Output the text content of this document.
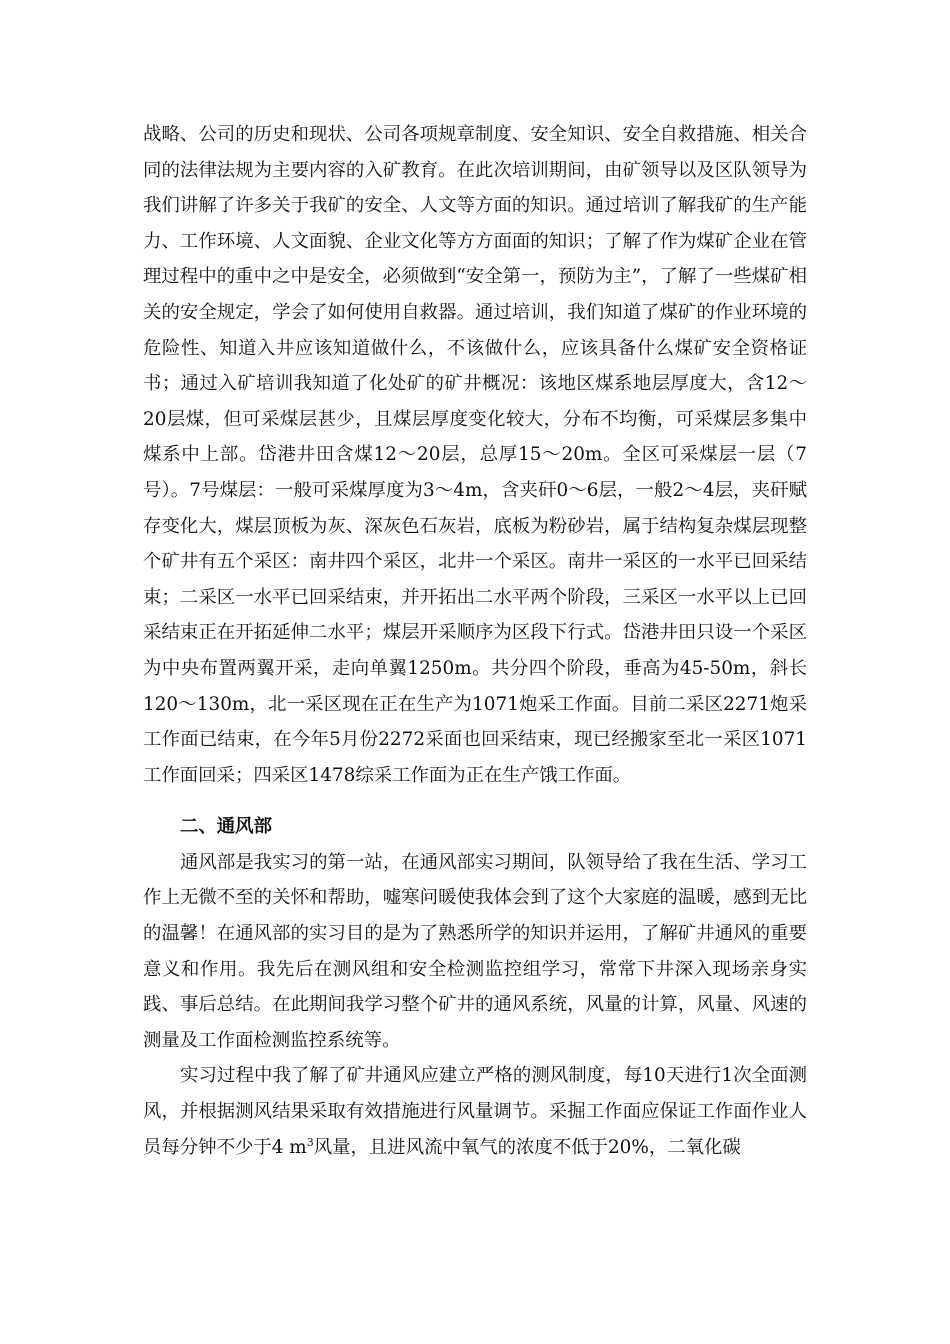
战略、公司的历史和现状、公司各项规章制度、安全知识、安全自救措施、相关合同的法律法规为主要内容的入矿教育。在此次培训期间，由矿领导以及区队领导为我们讲解了许多关于我矿的安全、人文等方面的知识。通过培训了解我矿的生产能力、工作环境、人文面貌、企业文化等方方面面的知识；了解了作为煤矿企业在管理过程中的重中之中是安全，必须做到“安全第一，预防为主”，了解了一些煤矿相关的安全规定，学会了如何使用自救器。通过培训，我们知道了煤矿的作业环境的危险性、知道入井应该知道做什么，不该做什么，应该具备什么煤矿安全资格证书；通过入矿培训我知道了化处矿的矿井概况：该地区煤系地层厚度大，含12～20层煤，但可采煤层甚少，且煤层厚度变化较大，分布不均衡，可采煤层多集中煤系中上部。岱港井田含煤12～20层，总厚15～20m。全区可采煤层一层（7号）。7号煤层：一般可采煤厚度为3～4m，含夹矸0～6层，一般2～4层，夹矸赋存变化大，煤层顶板为灰、深灰色石灰岩，底板为粉砂岩，属于结构复杂煤层现整个矿井有五个采区：南井四个采区，北井一个采区。南井一采区的一水平已回采结束；二采区一水平已回采结束，并开拓出二水平两个阶段，三采区一水平以上已回采结束正在开拓延伸二水平；煤层开采顺序为区段下行式。岱港井田只设一个采区为中央布置两翼开采，走向单翼1250m。共分四个阶段，垂高为45-50m，斜长120～130m，北一采区现在正在生产为1071炮采工作面。目前二采区2271炮采工作面已结束，在今年5月份2272采面也回采结束，现已经搬家至北一采区1071工作面回采；四采区1478综采工作面为正在生产饿工作面。

二、通风部

通风部是我实习的第一站，在通风部实习期间，队领导给了我在生活、学习工作上无微不至的关怀和帮助，嘘寒问暖使我体会到了这个大家庭的温暖，感到无比的温馨！在通风部的实习目的是为了熟悉所学的知识并运用，了解矿井通风的重要意义和作用。我先后在测风组和安全检测监控组学习，常常下井深入现场亲身实践、事后总结。在此期间我学习整个矿井的通风系统，风量的计算，风量、风速的测量及工作面检测监控系统等。

实习过程中我了解了矿井通风应建立严格的测风制度，每10天进行1次全面测风，并根据测风结果采取有效措施进行风量调节。采掘工作面应保证工作面作业人员每分钟不少于4 $m^3$风量，且进风流中氧气的浓度不低于20%，二氧化碳
